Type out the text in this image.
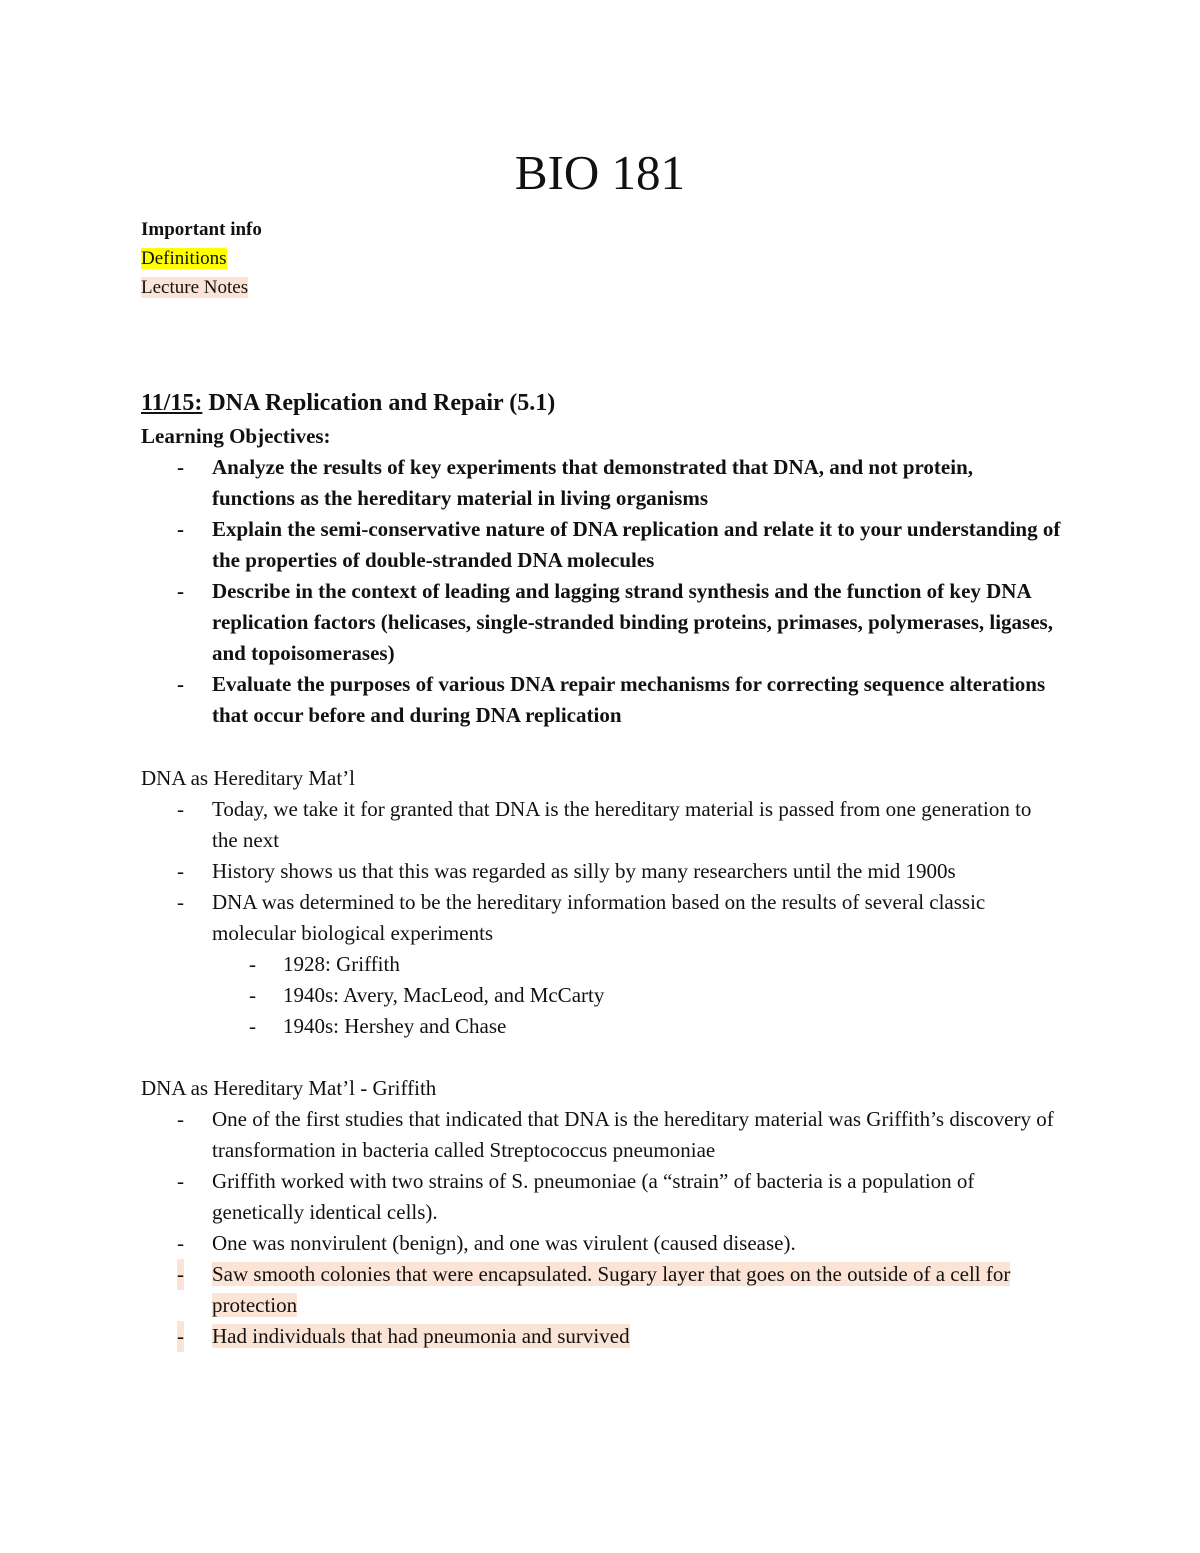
BIO 181
Important info
Definitions
Lecture Notes
11/15: DNA Replication and Repair (5.1)
Learning Objectives:
- Analyze the results of key experiments that demonstrated that DNA, and not protein, functions as the hereditary material in living organisms
- Explain the semi-conservative nature of DNA replication and relate it to your understanding of the properties of double-stranded DNA molecules
- Describe in the context of leading and lagging strand synthesis and the function of key DNA replication factors (helicases, single-stranded binding proteins, primases, polymerases, ligases, and topoisomerases)
- Evaluate the purposes of various DNA repair mechanisms for correcting sequence alterations that occur before and during DNA replication
DNA as Hereditary Mat’l
- Today, we take it for granted that DNA is the hereditary material is passed from one generation to the next
- History shows us that this was regarded as silly by many researchers until the mid 1900s
- DNA was determined to be the hereditary information based on the results of several classic molecular biological experiments
- 1928: Griffith
- 1940s: Avery, MacLeod, and McCarty
- 1940s: Hershey and Chase
DNA as Hereditary Mat’l - Griffith
- One of the first studies that indicated that DNA is the hereditary material was Griffith’s discovery of transformation in bacteria called Streptococcus pneumoniae
- Griffith worked with two strains of S. pneumoniae (a “strain” of bacteria is a population of genetically identical cells).
- One was nonvirulent (benign), and one was virulent (caused disease).
- Saw smooth colonies that were encapsulated. Sugary layer that goes on the outside of a cell for protection
- Had individuals that had pneumonia and survived
